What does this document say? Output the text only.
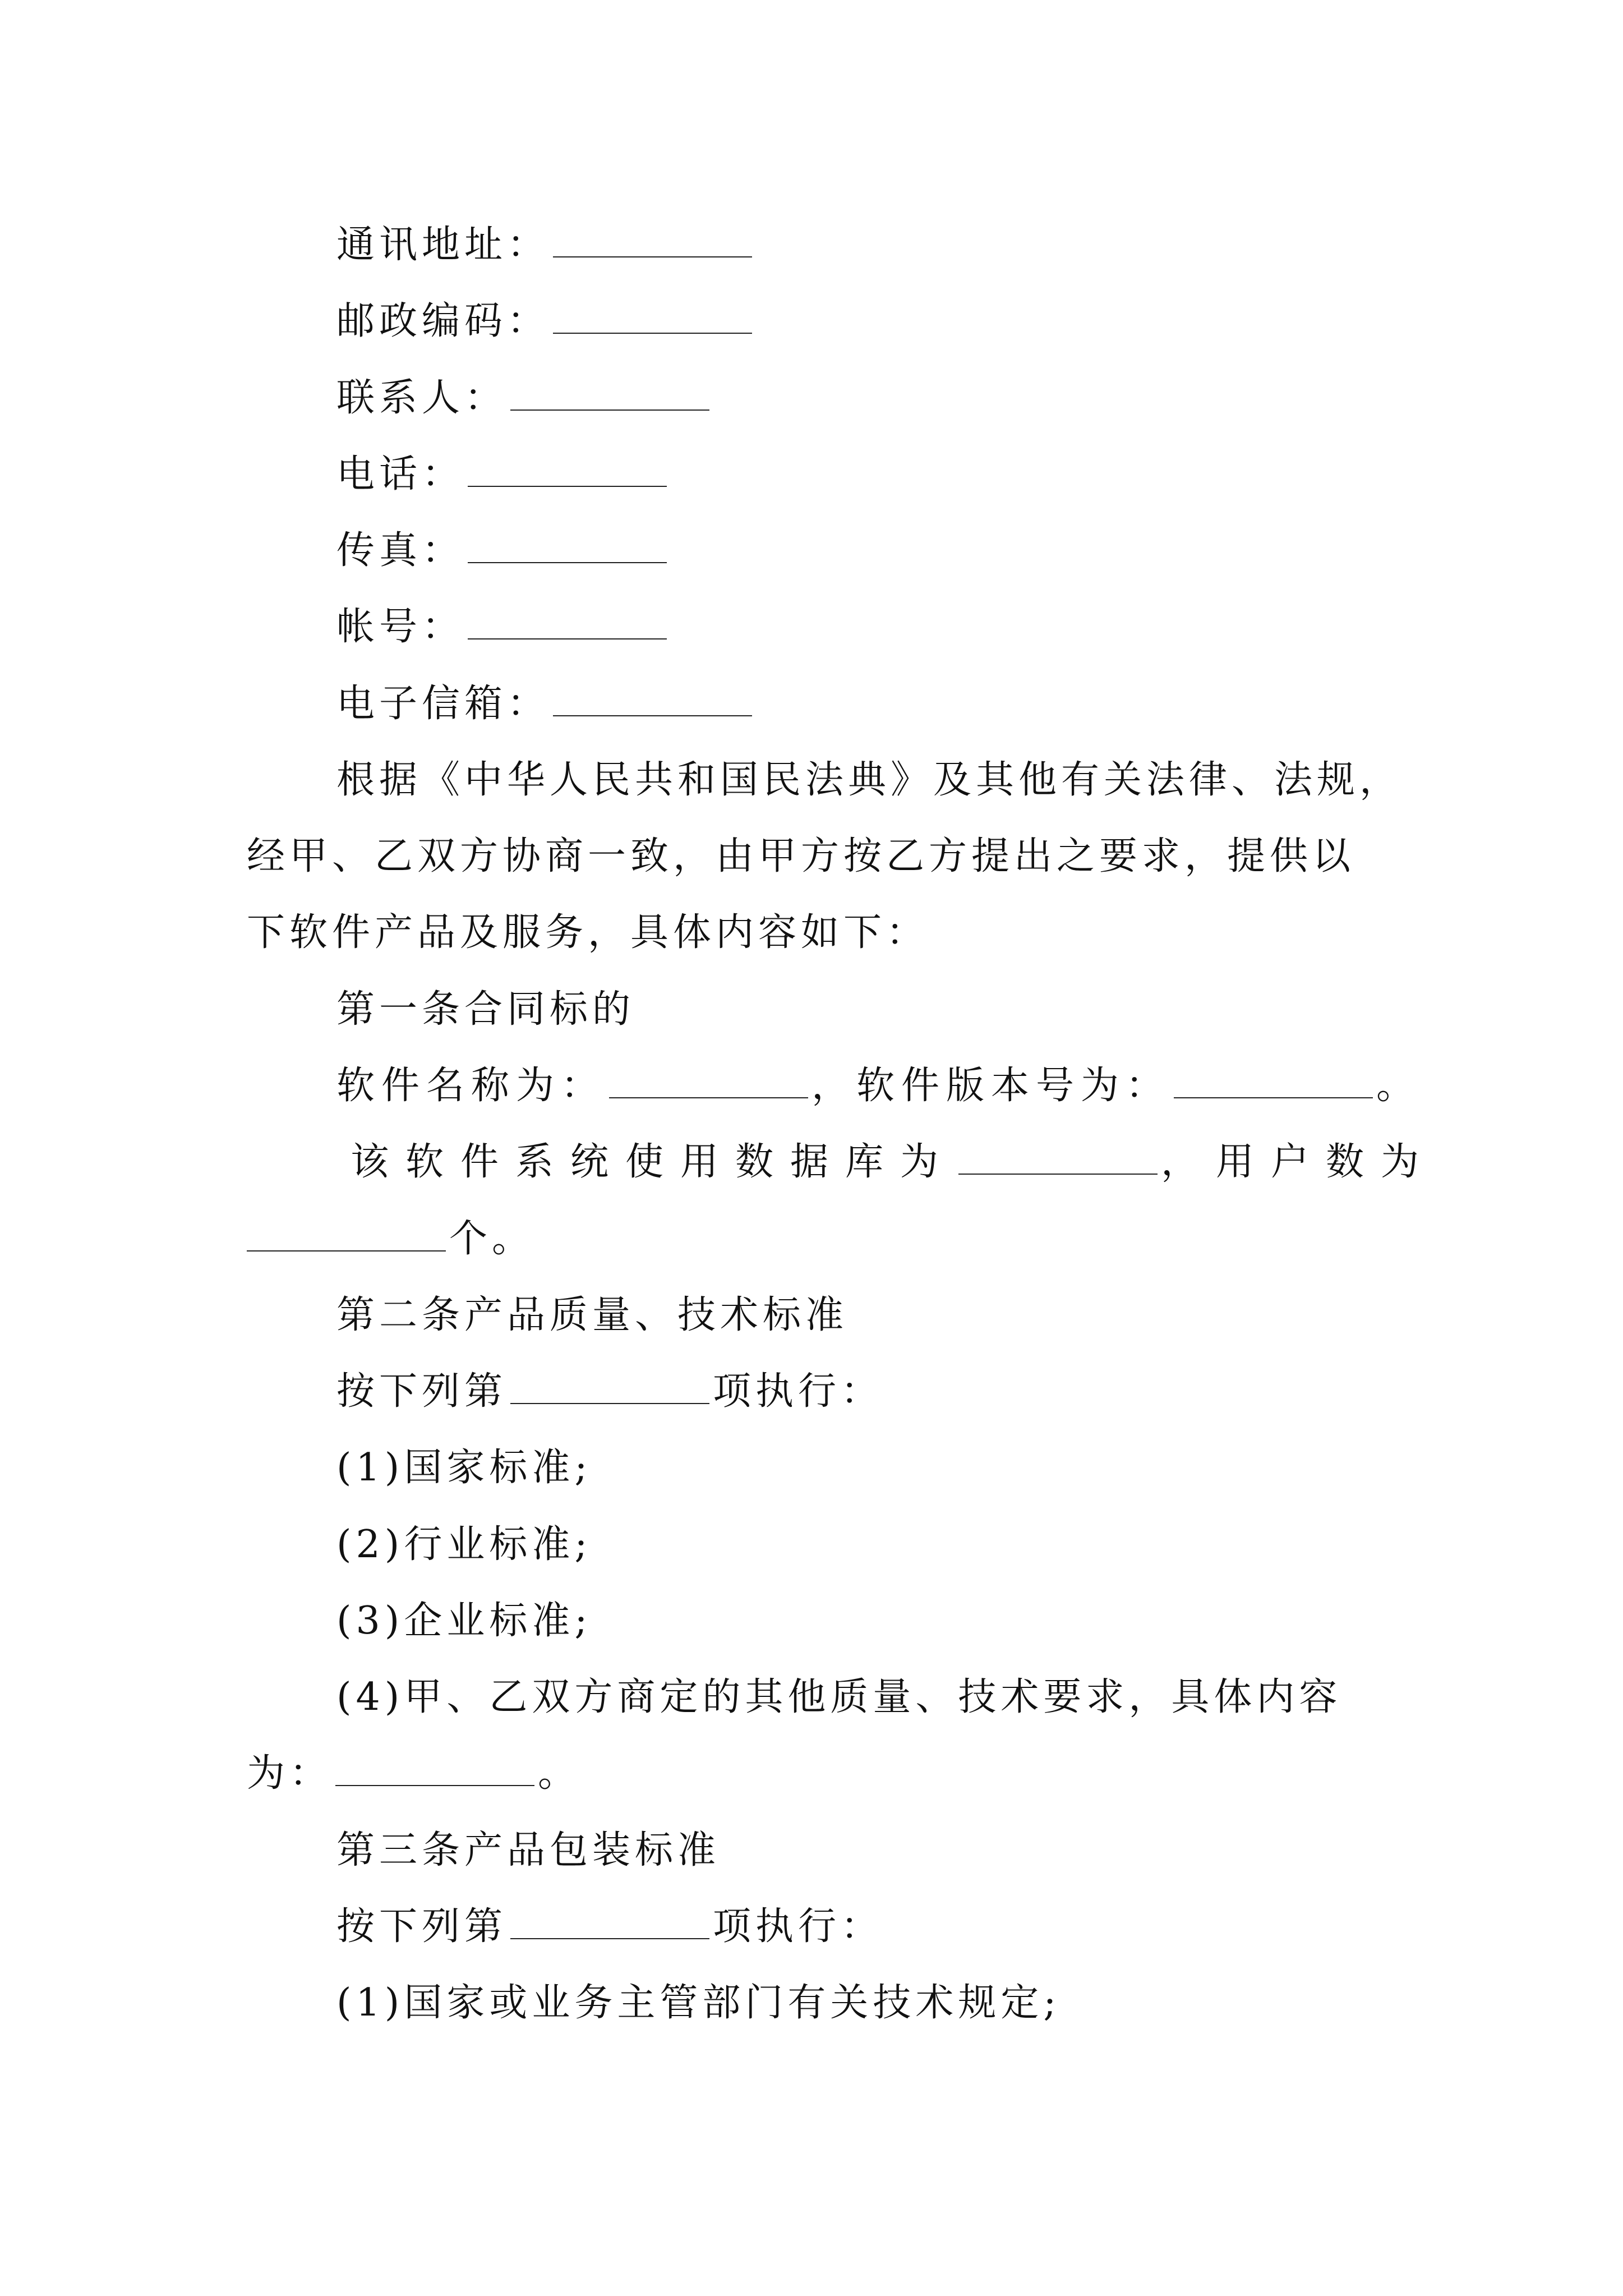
通讯地址：
邮政编码：
联系人：
电话：
传真：
帐号：
电子信箱：
根据《中华人民共和国民法典》及其他有关法律、法规，
经甲、乙双方协商一致，由甲方按乙方提出之要求，提供以
下软件产品及服务，具体内容如下：
第一条合同标的
软件名称为：	，软件版本号为：	。
该软件系统使用数据库为	，用户数为
个。
第二条产品质量、技术标准
按下列第	项执行：
(1)国家标准;
(2)行业标准;
(3)企业标准;
(4)甲、乙双方商定的其他质量、技术要求，具体内容
为：	。
第三条产品包装标准
按下列第	项执行：
(1)国家或业务主管部门有关技术规定;
